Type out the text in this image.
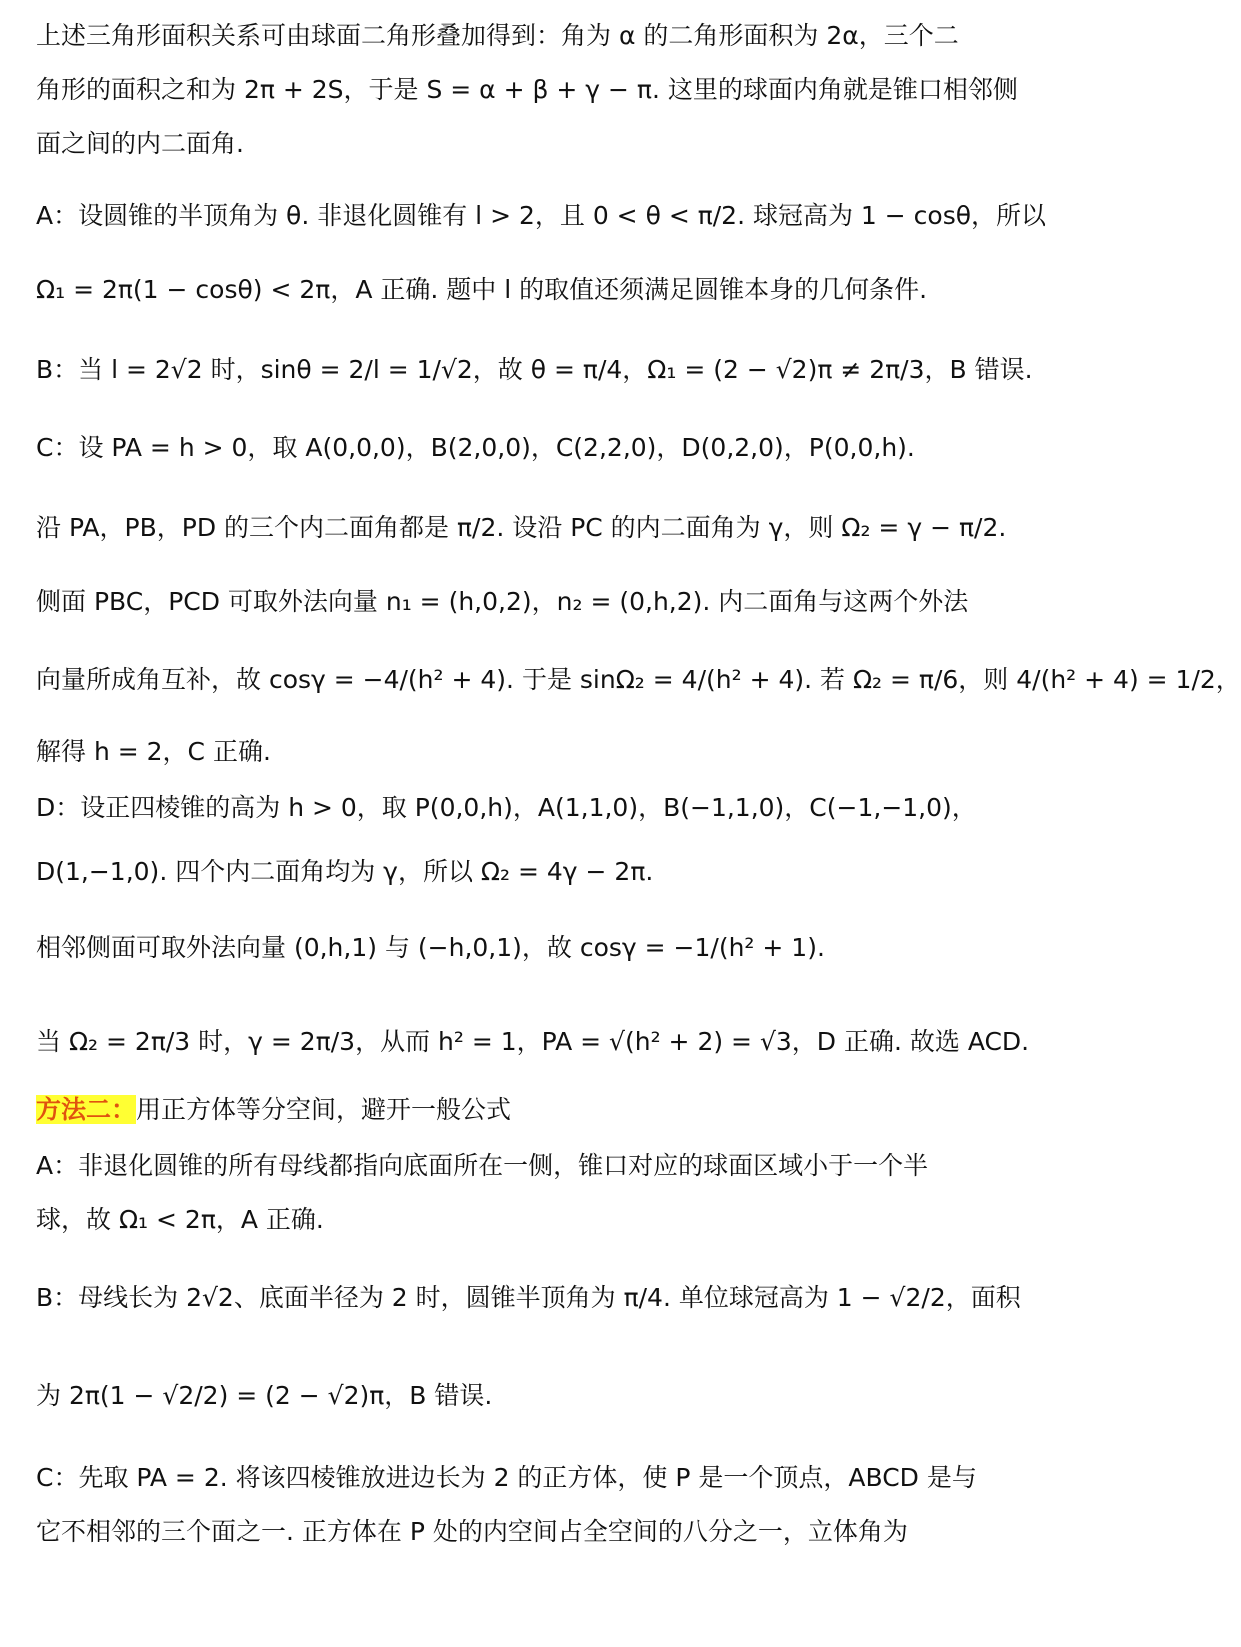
上述三角形面积关系可由球面二角形叠加得到：角为 α 的二角形面积为 2α，三个二
角形的面积之和为 2π + 2S，于是 S = α + β + γ − π. 这里的球面内角就是锥口相邻侧
面之间的内二面角.
A：设圆锥的半顶角为 θ. 非退化圆锥有 l > 2，且 0 < θ < π/2. 球冠高为 1 − cosθ，所以
Ω₁ = 2π(1 − cosθ) < 2π，A 正确. 题中 l 的取值还须满足圆锥本身的几何条件.
B：当 l = 2√2 时，sinθ = 2/l = 1/√2，故 θ = π/4，Ω₁ = (2 − √2)π ≠ 2π/3，B 错误.
C：设 PA = h > 0，取 A(0,0,0)，B(2,0,0)，C(2,2,0)，D(0,2,0)，P(0,0,h).
沿 PA，PB，PD 的三个内二面角都是 π/2. 设沿 PC 的内二面角为 γ，则 Ω₂ = γ − π/2.
侧面 PBC，PCD 可取外法向量 n₁ = (h,0,2)，n₂ = (0,h,2). 内二面角与这两个外法
向量所成角互补，故 cosγ = −4/(h² + 4). 于是 sinΩ₂ = 4/(h² + 4). 若 Ω₂ = π/6，则 4/(h² + 4) = 1/2，
解得 h = 2，C 正确.
D：设正四棱锥的高为 h > 0，取 P(0,0,h)，A(1,1,0)，B(−1,1,0)，C(−1,−1,0)，
D(1,−1,0). 四个内二面角均为 γ，所以 Ω₂ = 4γ − 2π.
相邻侧面可取外法向量 (0,h,1) 与 (−h,0,1)，故 cosγ = −1/(h² + 1).
当 Ω₂ = 2π/3 时，γ = 2π/3，从而 h² = 1，PA = √(h² + 2) = √3，D 正确. 故选 ACD.
方法二：用正方体等分空间，避开一般公式
A：非退化圆锥的所有母线都指向底面所在一侧，锥口对应的球面区域小于一个半
球，故 Ω₁ < 2π，A 正确.
B：母线长为 2√2、底面半径为 2 时，圆锥半顶角为 π/4. 单位球冠高为 1 − √2/2，面积
为 2π(1 − √2/2) = (2 − √2)π，B 错误.
C：先取 PA = 2. 将该四棱锥放进边长为 2 的正方体，使 P 是一个顶点，ABCD 是与
它不相邻的三个面之一. 正方体在 P 处的内空间占全空间的八分之一，立体角为
